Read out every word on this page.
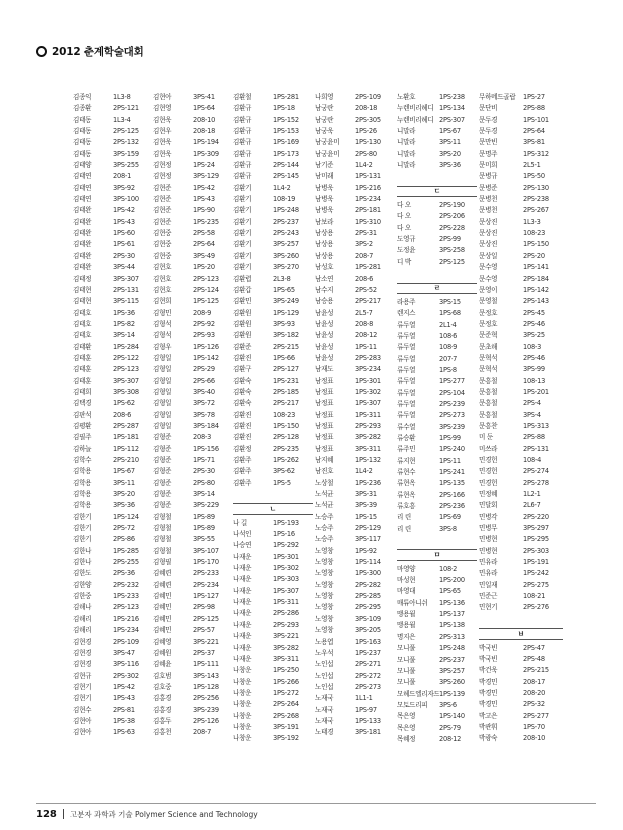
2012 춘계학술대회
김종익	1L3-8
김종환	2PS-121
김태동	1L3-4
김태동	2PS-125
김태동	2PS-132
김태동	3PS-159
김태양	3PS-255
김태연	208-1
김태연	3PS-92
김태연	3PS-100
김태완	1PS-42
김태완	1PS-43
김태완	1PS-60
김태완	1PS-61
김태완	2PS-30
김태완	3PS-44
김태정	3PS-307
김태현	2PS-131
김태현	3PS-115
김태호	1PS-36
김태호	1PS-82
김태호	3PS-14
김태환	1PS-284
김태훈	2PS-122
김태훈	2PS-123
김태훈	3PS-307
김태희	3PS-308
김택경	1PS-62
김판석	208-6
김평환	2PS-287
김필주	1PS-181
김하늘	1PS-112
김학수	2PS-210
김학용	1PS-67
김학용	3PS-11
김학용	3PS-20
김학용	3PS-36
김한기	1PS-124
김한기	2PS-72
김한기	2PS-86
김한나	1PS-285
김한나	2PS-255
김한도	2PS-36
김한양	2PS-232
김한중	1PS-233
김해나	2PS-123
김해리	1PS-216
김해리	1PS-234
김현경	2PS-109
김현경	3PS-47
김현경	3PS-116
김현규	2PS-302
김현기	1PS-42
김현기	1PS-43
김현수	2PS-81
김현아	1PS-38
김현아	1PS-63
김현아	3PS-41
김현영	1PS-64
김현욱	208-10
김현우	208-18
김현욱	1PS-194
김현욱	1PS-309
김현정	1PS-24
김현정	3PS-129
김현준	1PS-42
김현준	1PS-43
김현준	1PS-90
김현준	1PS-235
김현중	2PS-58
김현중	2PS-64
김현중	3PS-49
김현호	1PS-20
김현호	2PS-123
김현호	2PS-124
김현희	1PS-125
김형민	208-9
김형석	2PS-92
김형석	2PS-93
김형우	1PS-126
김형일	1PS-142
김형일	2PS-29
김형일	2PS-66
김형일	3PS-40
김형일	3PS-72
김형일	3PS-78
김형일	3PS-184
김형준	208-3
김형준	1PS-156
김형준	1PS-71
김형준	2PS-30
김형준	2PS-80
김형준	3PS-14
김형준	3PS-229
김형철	1PS-89
김형철	1PS-89
김형철	3PS-55
김형철	3PS-107
김형필	1PS-170
김혜련	2PS-233
김혜련	2PS-234
김혜민	1PS-127
김혜민	2PS-98
김혜민	2PS-125
김혜민	2PS-57
김혜영	3PS-221
김혜원	2PS-37
김혜윤	1PS-111
김호범	3PS-143
김호중	1PS-128
김홍경	2PS-256
김홍경	3PS-239
김홍두	2PS-126
김홍천	208-7
김환철	1PS-281
김환규	1PS-18
김환규	1PS-152
김환규	1PS-153
김환규	1PS-169
김환규	1PS-173
김환규	2PS-144
김환규	2PS-145
김환기	1L4-2
김환기	108-19
김환기	1PS-248
김환기	2PS-237
김환기	2PS-243
김환기	3PS-257
김환기	3PS-260
김환기	3PS-270
김환렵	2L3-8
김환갑	1PS-65
김환민	3PS-249
김환원	1PS-129
김환원	3PS-93
김환원	3PS-182
김환준	2PS-215
김환진	1PS-66
김환구	2PS-127
김환숙	1PS-231
김환숙	2PS-185
김환숙	2PS-217
김환진	108-23
김환진	1PS-150
김환진	2PS-128
김환정	2PS-235
김환주	1PS-262
김환주	3PS-62
김환주	1PS-5
ㄴ
나 길	1PS-193
나석인	1PS-16
나승연	1PS-292
나재운	1PS-301
나재운	1PS-302
나재운	1PS-303
나재운	1PS-307
나재운	1PS-311
나재운	2PS-286
나재운	2PS-293
나재운	3PS-221
나재운	3PS-282
나재운	3PS-311
나창운	1PS-250
나창운	1PS-266
나창운	1PS-272
나창운	2PS-264
나창운	2PS-268
나창운	3PS-191
나창운	3PS-192
나희영	2PS-109
남궁란	208-18
남궁란	2PS-305
남궁욱	1PS-26
남궁윤미	1PS-130
남궁윤미	2PS-80
남기준	1L4-2
남미래	1PS-131
남병욱	1PS-216
남병욱	1PS-234
남병욱	2PS-181
남보라	1PS-310
남상용	2PS-31
남상용	3PS-2
남상용	208-7
남성호	1PS-281
남소연	208-6
남수지	2PS-52
남승용	2PS-217
남윤성	2L5-7
남윤성	208-8
남윤성	208-12
남윤성	1PS-11
남윤성	2PS-283
남재도	3PS-234
남정표	1PS-301
남정표	1PS-302
남정표	1PS-307
남정표	1PS-311
남정표	2PS-293
남정표	3PS-282
남정표	3PS-311
남지혜	1PS-132
남진호	1L4-2
노상철	1PS-236
노석균	3PS-31
노석균	3PS-39
노승주	1PS-15
노승주	2PS-129
노승주	3PS-117
노영창	1PS-92
노영창	1PS-114
노영창	1PS-300
노영창	2PS-282
노영창	2PS-285
노영창	2PS-295
노영창	3PS-109
노영창	3PS-205
노용엽	1PS-163
노우석	1PS-237
노인섭	2PS-271
노인섭	2PS-272
노인섭	2PS-273
노재국	1L1-1
노재국	1PS-97
노재국	1PS-133
노태경	3PS-181
노환호	1PS-238
누렌비리헤디 1PS-134
누렌비리헤디 2PS-307
니말라	1PS-67
니말라	3PS-11
니말라	3PS-20
니말라	3PS-36
ㄷ
다 오	2PS-190
다 오	2PS-206
다 오	2PS-228
도영규	2PS-99
도정윤	3PS-258
디 박	2PS-125
ㄹ
라용주	3PS-15
렌지스	1PS-68
류두열	2L1-4
류두열	108-6
류두열	108-9
류두열	207-7
류두열	1PS-8
류두열	1PS-277
류두열	2PS-104
류두열	2PS-239
류두열	2PS-273
류수열	3PS-239
류승환	1PS-99
류주민	1PS-240
류지현	1PS-11
류현수	1PS-241
류현옥	1PS-135
류현옥	2PS-166
류호흥	2PS-236
리 린	1PS-69
리 린	3PS-8
ㅁ
마영양	108-2
마성현	1PS-200
마영대	1PS-65
매튜아니쉬	1PS-136
맹용월	1PS-137
맹용월	1PS-138
명지은	2PS-313
모니풀	1PS-248
모니풀	2PS-237
모니풀	3PS-257
모니풀	3PS-260
모헤드엘리자드 1PS-139
모토드리피	3PS-6
목은영	1PS-140
목은영	2PS-79
목혜정	208-12
무하메드골랍	1PS-27
문단비	2PS-88
문두경	1PS-101
문두경	2PS-64
문만빈	3PS-81
문명주	1PS-312
문미희	2L5-1
문병규	1PS-50
문병준	2PS-130
문병천	2PS-238
문병천	2PS-267
문상진	1L3-3
문상진	108-23
문상진	1PS-150
문상일	2PS-20
문수영	1PS-141
문수영	2PS-184
문영이	1PS-142
문영철	2PS-143
문정호	2PS-45
문정호	2PS-46
문준혁	3PS-25
문초해	108-3
문혁석	2PS-46
문혁석	3PS-99
문흥철	108-13
문흥철	1PS-201
문흥철	2PS-4
문흥철	3PS-4
문흥찬	1PS-313
미 둔	2PS-88
미쓰라	2PS-131
민경헌	108-4
민경헌	2PS-274
민경헌	2PS-278
민정혜	1L2-1
민달회	2L6-7
민병각	2PS-220
민병무	3PS-297
민병현	1PS-295
민병현	2PS-303
민유라	1PS-191
민유라	1PS-242
민일재	2PS-275
민준근	108-21
민현기	2PS-276
ㅂ
박국빈	2PS-47
박국빈	2PS-48
박건욱	2PS-215
박경민	208-17
박경민	208-20
박경민	2PS-32
박고은	2PS-277
박관휘	1PS-70
박광숙	208-10
128 고분자 과학과 기술 Polymer Science and Technology
